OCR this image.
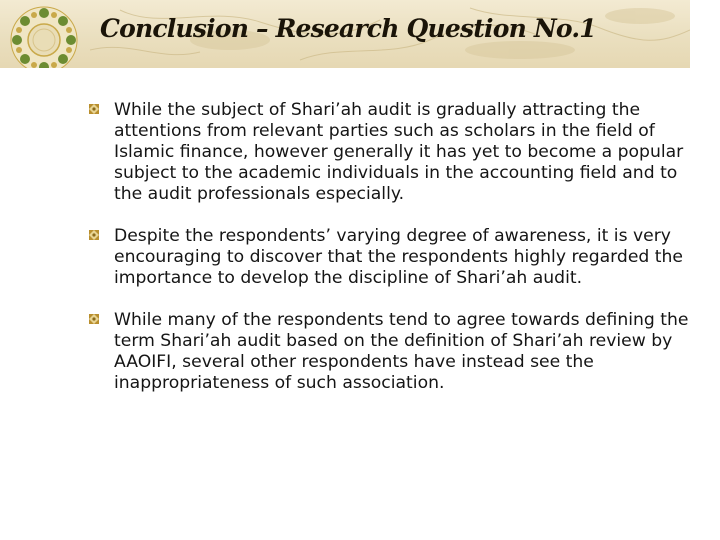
Conclusion – Research Question No.1
While the subject of Shari’ah audit is gradually attracting the attentions from relevant parties such as scholars in the field of Islamic finance, however generally it has yet to become a popular subject to the academic individuals in the accounting field and to the audit professionals especially.
Despite the respondents’ varying degree of awareness, it is very encouraging to discover that the respondents highly regarded the importance to develop the discipline of Shari’ah audit.
While many of the respondents tend to agree towards defining the term Shari’ah audit based on the definition of Shari’ah review by AAOIFI, several other respondents have instead see the inappropriateness of such association.
